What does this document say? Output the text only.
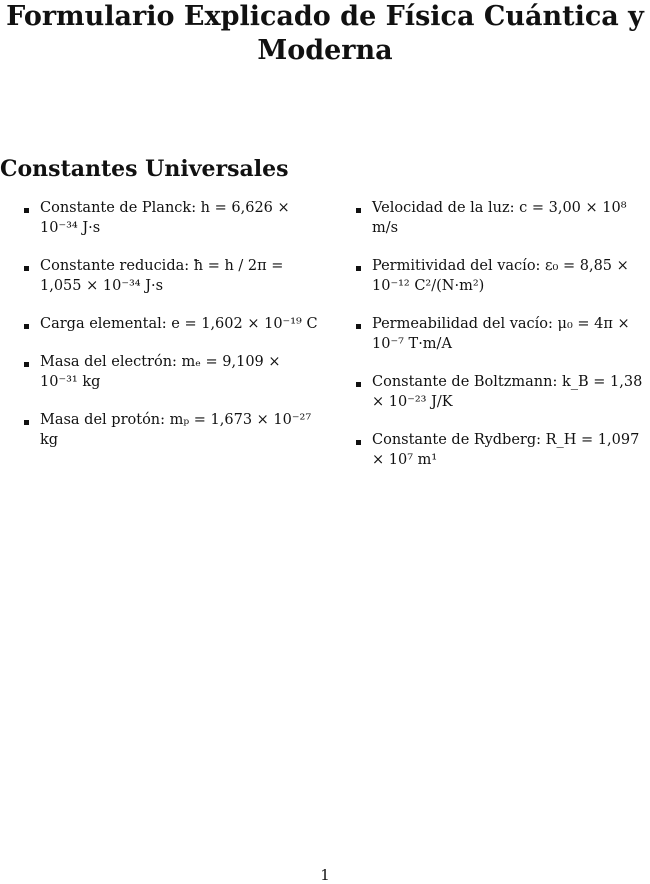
Formulario Explicado de Física Cuántica y Moderna
Constantes Universales
Constante de Planck: h = 6,626 × 10⁻³⁴ J·s
Constante reducida: ħ = h / 2π = 1,055 × 10⁻³⁴ J·s
Carga elemental: e = 1,602 × 10⁻¹⁹ C
Masa del electrón: mₑ = 9,109 × 10⁻³¹ kg
Masa del protón: mₚ = 1,673 × 10⁻²⁷ kg
Velocidad de la luz: c = 3,00 × 10⁸ m/s
Permitividad del vacío: ε₀ = 8,85 × 10⁻¹² C²/(N·m²)
Permeabilidad del vacío: μ₀ = 4π × 10⁻⁷ T·m/A
Constante de Boltzmann: k_B = 1,38 × 10⁻²³ J/K
Constante de Rydberg: R_H = 1,097 × 10⁷ m¹
1
